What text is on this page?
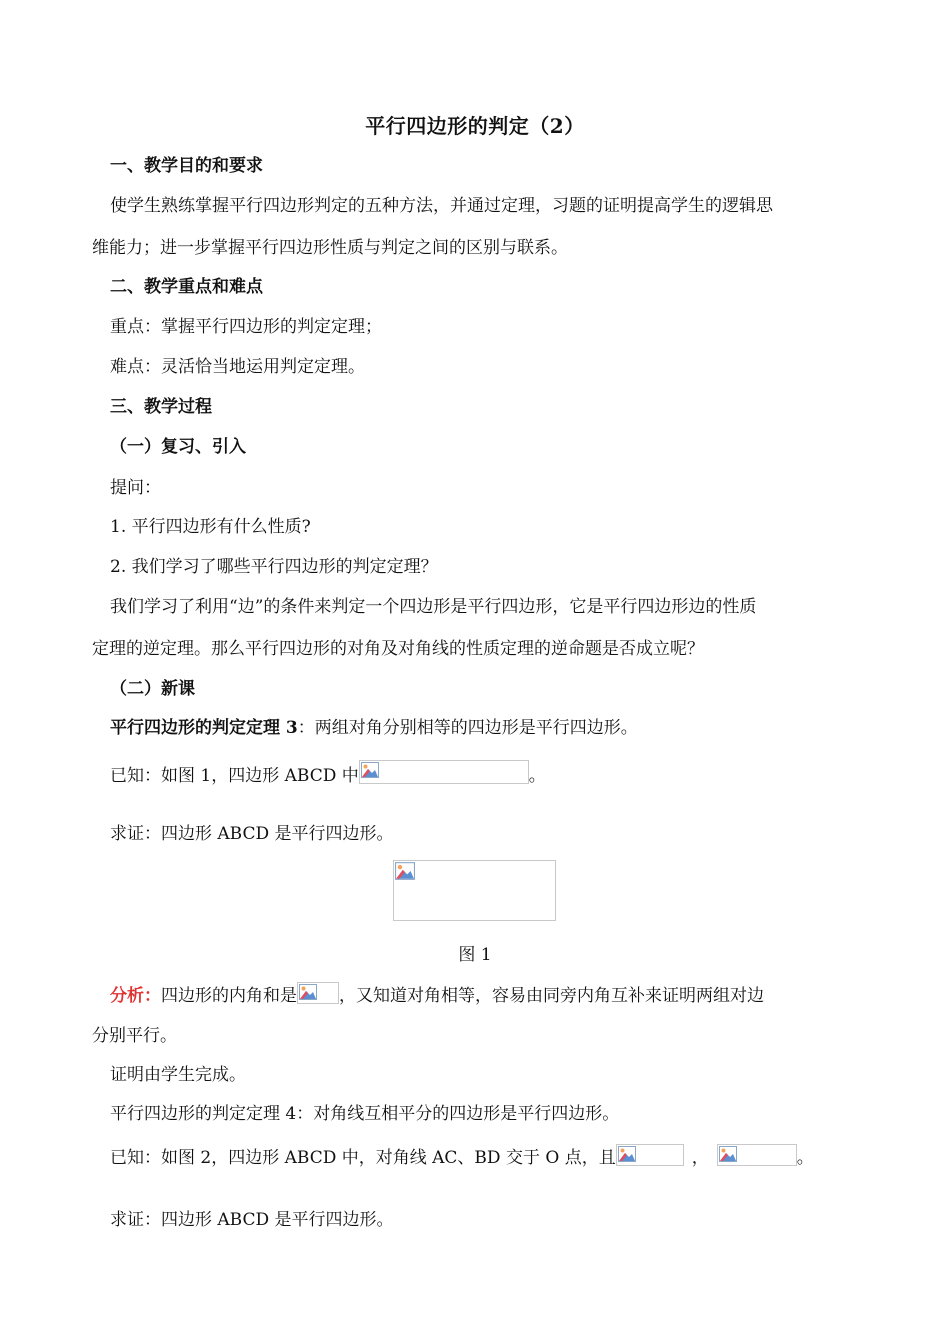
平行四边形的判定（2）
一、教学目的和要求
使学生熟练掌握平行四边形判定的五种方法，并通过定理，习题的证明提高学生的逻辑思
维能力；进一步掌握平行四边形性质与判定之间的区别与联系。
二、教学重点和难点
重点：掌握平行四边形的判定定理；
难点：灵活恰当地运用判定定理。
三、教学过程
（一）复习、引入
提问：
1. 平行四边形有什么性质?
2. 我们学习了哪些平行四边形的判定定理？
我们学习了利用“边”的条件来判定一个四边形是平行四边形，它是平行四边形边的性质
定理的逆定理。那么平行四边形的对角及对角线的性质定理的逆命题是否成立呢？
（二）新课
平行四边形的判定定理 3：两组对角分别相等的四边形是平行四边形。
已知：如图 1，四边形 ABCD 中	。
求证：四边形 ABCD 是平行四边形。
图 1
分析：四边形的内角和是 ，又知道对角相等，容易由同旁内角互补来证明两组对边
分别平行。
证明由学生完成。
平行四边形的判定定理 4：对角线互相平分的四边形是平行四边形。
已知：如图 2，四边形 ABCD 中，对角线 AC、BD 交于 O 点，且	，	。
求证：四边形 ABCD 是平行四边形。
